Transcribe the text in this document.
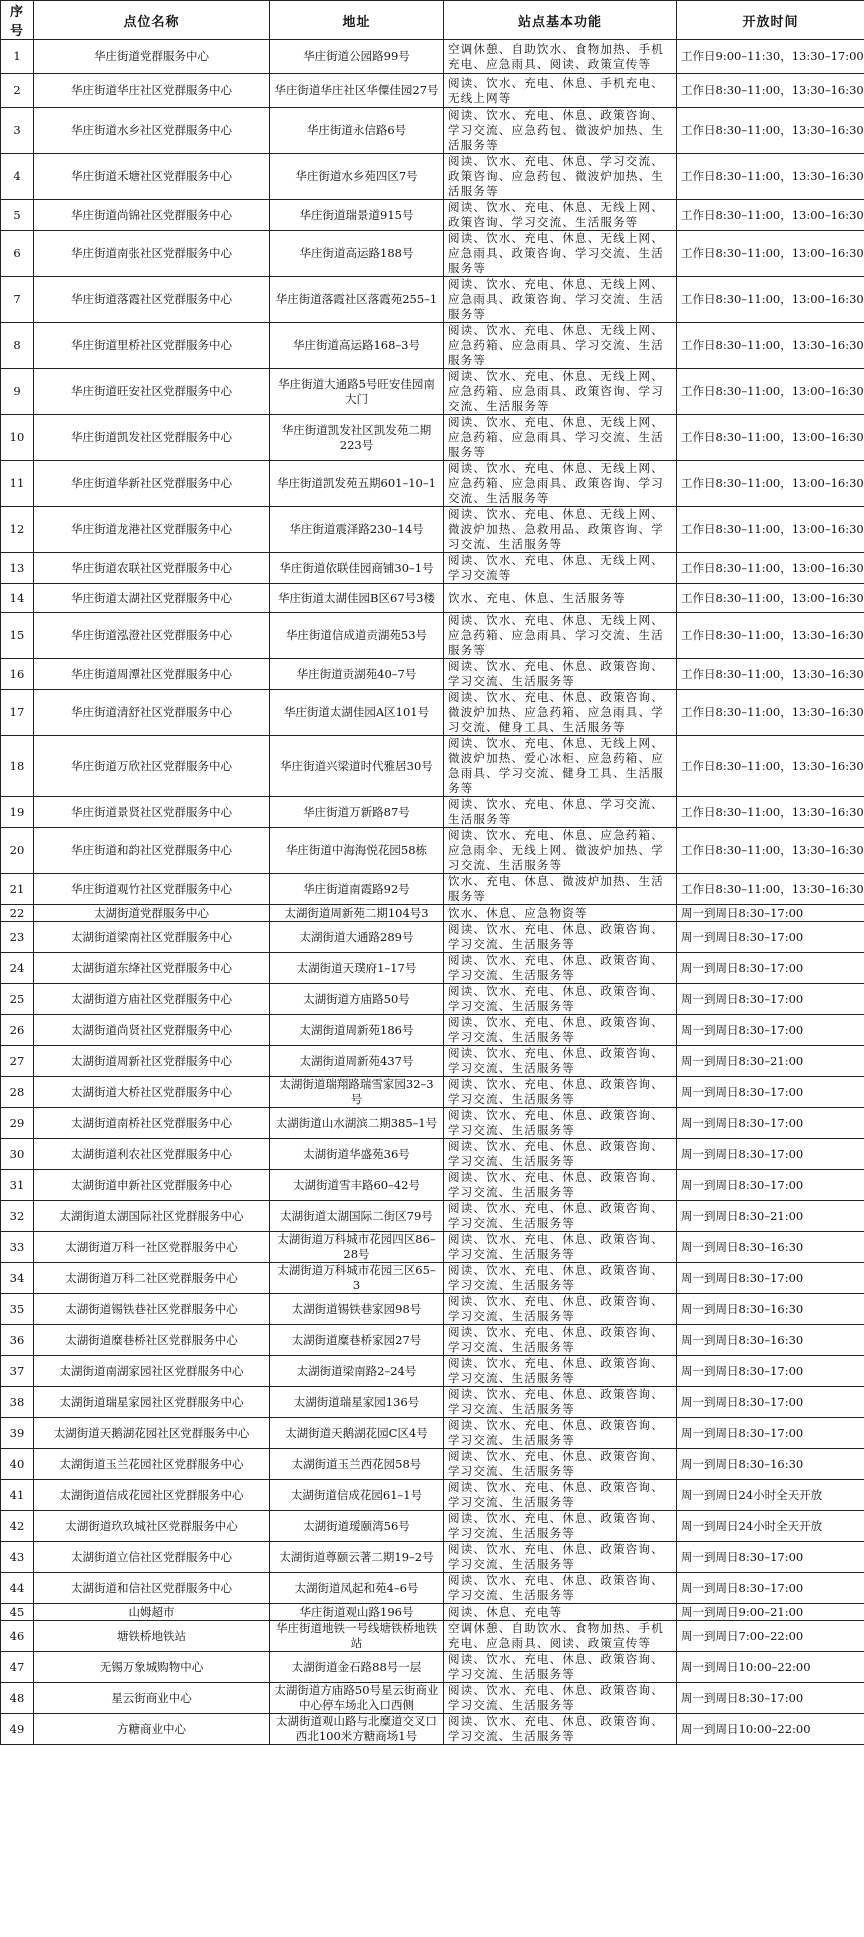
序号	点位名称	地址	站点基本功能	开放时间
1	华庄街道党群服务中心	华庄街道公园路99号	空调休憩、自助饮水、食物加热、手机充电、应急雨具、阅读、政策宣传等	工作日9:00–11:30，13:30–17:00
2	华庄街道华庄社区党群服务中心	华庄街道华庄社区华僳佳园27号	阅读、饮水、充电、休息、手机充电、无线上网等	工作日8:30–11:00，13:30–16:30
3	华庄街道水乡社区党群服务中心	华庄街道永信路6号	阅读、饮水、充电、休息、政策咨询、学习交流、应急药包、微波炉加热、生活服务等	工作日8:30–11:00，13:30–16:30
4	华庄街道禾塘社区党群服务中心	华庄街道水乡苑四区7号	阅读、饮水、充电、休息、学习交流、政策咨询、应急药包、微波炉加热、生活服务等	工作日8:30–11:00，13:30–16:30
5	华庄街道尚锦社区党群服务中心	华庄街道瑞景道915号	阅读、饮水、充电、休息、无线上网、政策咨询、学习交流、生活服务等	工作日8:30–11:00，13:00–16:30
6	华庄街道南张社区党群服务中心	华庄街道高运路188号	阅读、饮水、充电、休息、无线上网、应急雨具、政策咨询、学习交流、生活服务等	工作日8:30–11:00，13:00–16:30
7	华庄街道落霞社区党群服务中心	华庄街道落霞社区落霞苑255–1	阅读、饮水、充电、休息、无线上网、应急雨具、政策咨询、学习交流、生活服务等	工作日8:30–11:00，13:00–16:30
8	华庄街道里桥社区党群服务中心	华庄街道高运路168–3号	阅读、饮水、充电、休息、无线上网、应急药箱、应急雨具、学习交流、生活服务等	工作日8:30–11:00，13:30–16:30
9	华庄街道旺安社区党群服务中心	华庄街道大通路5号旺安佳园南大门	阅读、饮水、充电、休息、无线上网、应急药箱、应急雨具、政策咨询、学习交流、生活服务等	工作日8:30–11:00，13:00–16:30
10	华庄街道凯发社区党群服务中心	华庄街道凯发社区凯发苑二期223号	阅读、饮水、充电、休息、无线上网、应急药箱、应急雨具、学习交流、生活服务等	工作日8:30–11:00，13:00–16:30
11	华庄街道华新社区党群服务中心	华庄街道凯发苑五期601–10–1	阅读、饮水、充电、休息、无线上网、应急药箱、应急雨具、政策咨询、学习交流、生活服务等	工作日8:30–11:00，13:00–16:30
12	华庄街道龙港社区党群服务中心	华庄街道震泽路230–14号	阅读、饮水、充电、休息、无线上网、微波炉加热、急救用品、政策咨询、学习交流、生活服务等	工作日8:30–11:00，13:00–16:30
13	华庄街道农联社区党群服务中心	华庄街道依联佳园商铺30–1号	阅读、饮水、充电、休息、无线上网、学习交流等	工作日8:30–11:00，13:00–16:30
14	华庄街道太湖社区党群服务中心	华庄街道太湖佳园B区67号3楼	饮水、充电、休息、生活服务等	工作日8:30–11:00，13:00–16:30
15	华庄街道泓澄社区党群服务中心	华庄街道信成道贡湖苑53号	阅读、饮水、充电、休息、无线上网、应急药箱、应急雨具、学习交流、生活服务等	工作日8:30–11:00，13:30–16:30
16	华庄街道周潭社区党群服务中心	华庄街道贡湖苑40–7号	阅读、饮水、充电、休息、政策咨询、学习交流、生活服务等	工作日8:30–11:00，13:30–16:30
17	华庄街道清舒社区党群服务中心	华庄街道太湖佳园A区101号	阅读、饮水、充电、休息、政策咨询、微波炉加热、应急药箱、应急雨具、学习交流、健身工具、生活服务等	工作日8:30–11:00，13:30–16:30
18	华庄街道万欣社区党群服务中心	华庄街道兴梁道时代雅居30号	阅读、饮水、充电、休息、无线上网、微波炉加热、爱心冰柜、应急药箱、应急雨具、学习交流、健身工具、生活服务等	工作日8:30–11:00，13:30–16:30
19	华庄街道景贤社区党群服务中心	华庄街道万新路87号	阅读、饮水、充电、休息、学习交流、生活服务等	工作日8:30–11:00，13:30–16:30
20	华庄街道和韵社区党群服务中心	华庄街道中海海悦花园58栋	阅读、饮水、充电、休息、应急药箱、应急雨伞、无线上网、微波炉加热、学习交流、生活服务等	工作日8:30–11:00，13:30–16:30
21	华庄街道观竹社区党群服务中心	华庄街道南霞路92号	饮水、充电、休息、微波炉加热、生活服务等	工作日8:30–11:00，13:30–16:30
22	太湖街道党群服务中心	太湖街道周新苑二期104号3	饮水、休息、应急物资等	周一到周日8:30–17:00
23	太湖街道梁南社区党群服务中心	太湖街道大通路289号	阅读、饮水、充电、休息、政策咨询、学习交流、生活服务等	周一到周日8:30–17:00
24	太湖街道东绛社区党群服务中心	太湖街道天璞府1–17号	阅读、饮水、充电、休息、政策咨询、学习交流、生活服务等	周一到周日8:30–17:00
25	太湖街道方庙社区党群服务中心	太湖街道方庙路50号	阅读、饮水、充电、休息、政策咨询、学习交流、生活服务等	周一到周日8:30–17:00
26	太湖街道尚贤社区党群服务中心	太湖街道周新苑186号	阅读、饮水、充电、休息、政策咨询、学习交流、生活服务等	周一到周日8:30–17:00
27	太湖街道周新社区党群服务中心	太湖街道周新苑437号	阅读、饮水、充电、休息、政策咨询、学习交流、生活服务等	周一到周日8:30–21:00
28	太湖街道大桥社区党群服务中心	太湖街道瑞翔路瑞雪家园32–3号	阅读、饮水、充电、休息、政策咨询、学习交流、生活服务等	周一到周日8:30–17:00
29	太湖街道南桥社区党群服务中心	太湖街道山水湖滨二期385–1号	阅读、饮水、充电、休息、政策咨询、学习交流、生活服务等	周一到周日8:30–17:00
30	太湖街道利农社区党群服务中心	太湖街道华盛苑36号	阅读、饮水、充电、休息、政策咨询、学习交流、生活服务等	周一到周日8:30–17:00
31	太湖街道申新社区党群服务中心	太湖街道雪丰路60–42号	阅读、饮水、充电、休息、政策咨询、学习交流、生活服务等	周一到周日8:30–17:00
32	太湖街道太湖国际社区党群服务中心	太湖街道太湖国际二街区79号	阅读、饮水、充电、休息、政策咨询、学习交流、生活服务等	周一到周日8:30–21:00
33	太湖街道万科一社区党群服务中心	太湖街道万科城市花园四区86–28号	阅读、饮水、充电、休息、政策咨询、学习交流、生活服务等	周一到周日8:30–16:30
34	太湖街道万科二社区党群服务中心	太湖街道万科城市花园三区65–3	阅读、饮水、充电、休息、政策咨询、学习交流、生活服务等	周一到周日8:30–17:00
35	太湖街道锡铁巷社区党群服务中心	太湖街道锡铁巷家园98号	阅读、饮水、充电、休息、政策咨询、学习交流、生活服务等	周一到周日8:30–16:30
36	太湖街道糜巷桥社区党群服务中心	太湖街道糜巷桥家园27号	阅读、饮水、充电、休息、政策咨询、学习交流、生活服务等	周一到周日8:30–16:30
37	太湖街道南湖家园社区党群服务中心	太湖街道梁南路2–24号	阅读、饮水、充电、休息、政策咨询、学习交流、生活服务等	周一到周日8:30–17:00
38	太湖街道瑞星家园社区党群服务中心	太湖街道瑞星家园136号	阅读、饮水、充电、休息、政策咨询、学习交流、生活服务等	周一到周日8:30–17:00
39	太湖街道天鹅湖花园社区党群服务中心	太湖街道天鹅湖花园C区4号	阅读、饮水、充电、休息、政策咨询、学习交流、生活服务等	周一到周日8:30–17:00
40	太湖街道玉兰花园社区党群服务中心	太湖街道玉兰西花园58号	阅读、饮水、充电、休息、政策咨询、学习交流、生活服务等	周一到周日8:30–16:30
41	太湖街道信成花园社区党群服务中心	太湖街道信成花园61–1号	阅读、饮水、充电、休息、政策咨询、学习交流、生活服务等	周一到周日24小时全天开放
42	太湖街道玖玖城社区党群服务中心	太湖街道瑷颐湾56号	阅读、饮水、充电、休息、政策咨询、学习交流、生活服务等	周一到周日24小时全天开放
43	太湖街道立信社区党群服务中心	太湖街道尊颐云著二期19–2号	阅读、饮水、充电、休息、政策咨询、学习交流、生活服务等	周一到周日8:30–17:00
44	太湖街道和信社区党群服务中心	太湖街道凤起和苑4–6号	阅读、饮水、充电、休息、政策咨询、学习交流、生活服务等	周一到周日8:30–17:00
45	山姆超市	华庄街道观山路196号	阅读、休息、充电等	周一到周日9:00–21:00
46	塘铁桥地铁站	华庄街道地铁一号线塘铁桥地铁站	空调休憩、自助饮水、食物加热、手机充电、应急雨具、阅读、政策宣传等	周一到周日7:00–22:00
47	无锡万象城购物中心	太湖街道金石路88号一层	阅读、饮水、充电、休息、政策咨询、学习交流、生活服务等	周一到周日10:00–22:00
48	星云街商业中心	太湖街道方庙路50号星云街商业中心停车场北入口西侧	阅读、饮水、充电、休息、政策咨询、学习交流、生活服务等	周一到周日8:30–17:00
49	方糖商业中心	太湖街道观山路与北糜道交叉口西北100米方糖商场1号	阅读、饮水、充电、休息、政策咨询、学习交流、生活服务等	周一到周日10:00–22:00
